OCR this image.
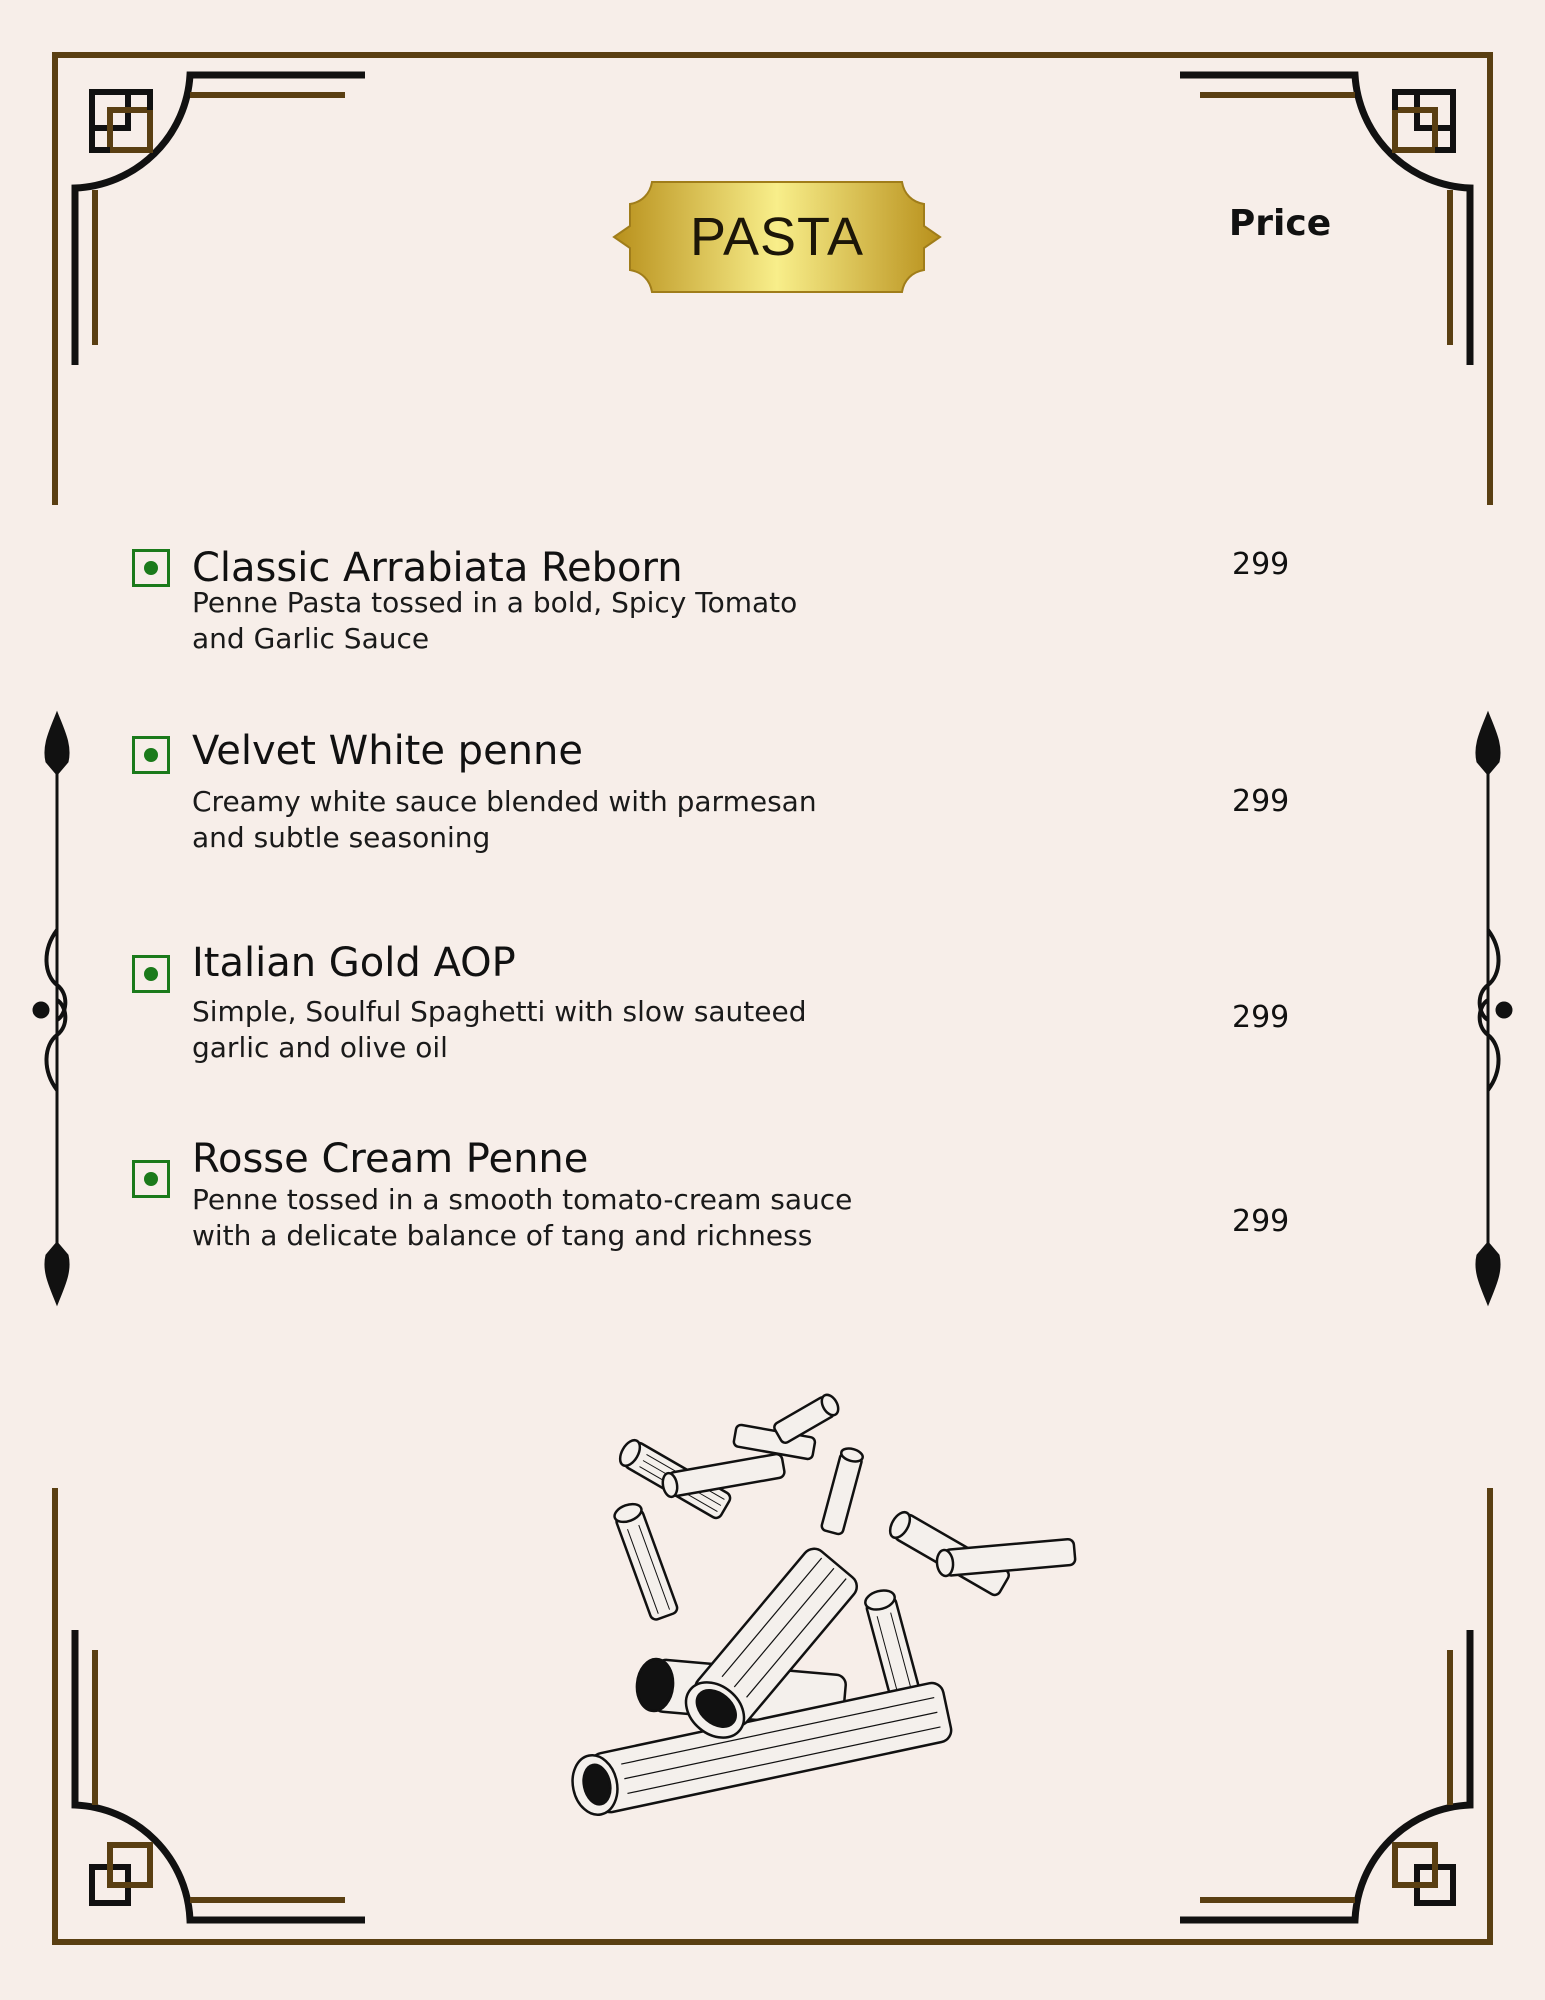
PASTA	Price
Classic Arrabiata Reborn
Penne Pasta tossed in a bold, Spicy Tomato
and Garlic Sauce
299
Velvet White penne
Creamy white sauce blended with parmesan
and subtle seasoning
299
Italian Gold AOP
Simple, Soulful Spaghetti with slow sauteed
garlic and olive oil
299
Rosse Cream Penne
Penne tossed in a smooth tomato-cream sauce
with a delicate balance of tang and richness	299
